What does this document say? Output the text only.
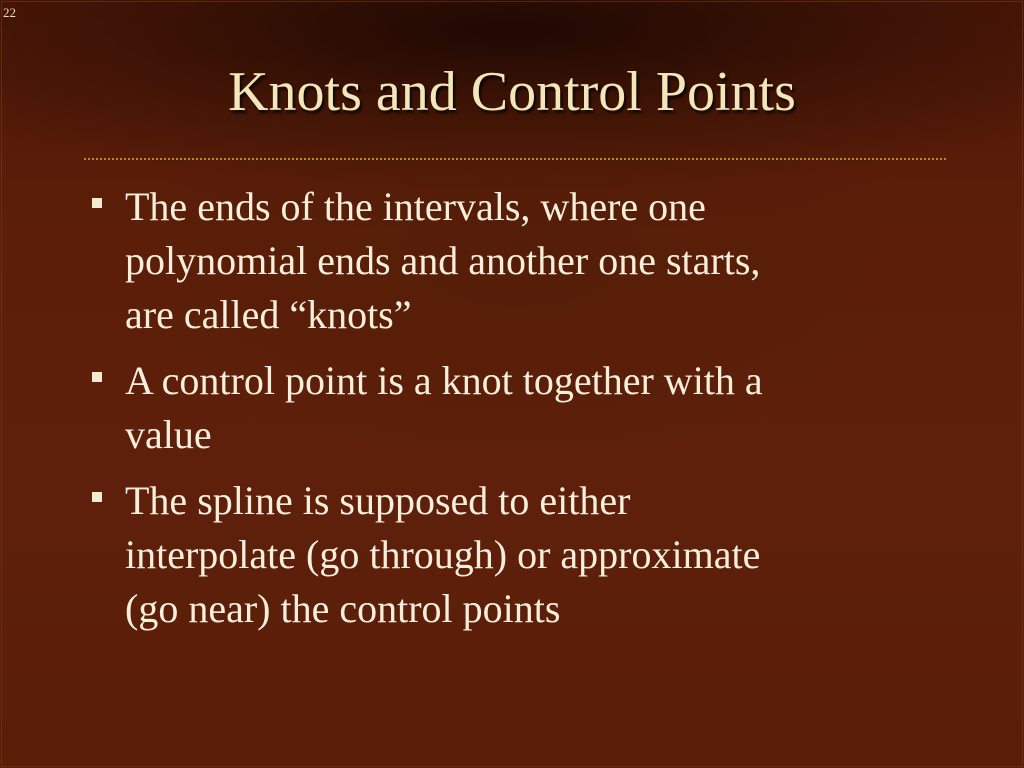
22
Knots and Control Points
The ends of the intervals, where one
polynomial ends and another one starts,
are called “knots”
A control point is a knot together with a
value
The spline is supposed to either
interpolate (go through) or approximate
(go near) the control points
